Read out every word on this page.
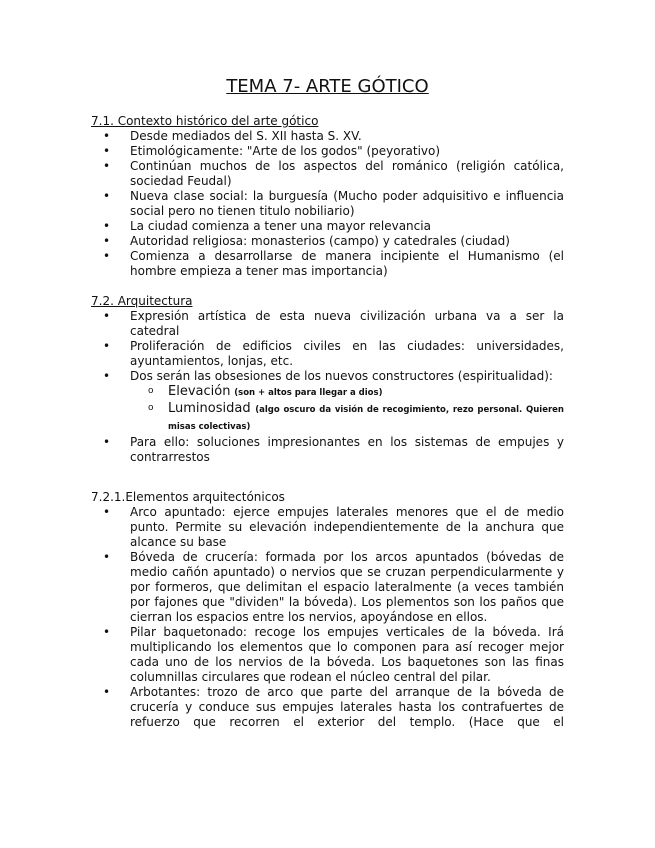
TEMA 7- ARTE GÓTICO
7.1. Contexto histórico del arte gótico
• Desde mediados del S. XII hasta S. XV.
• Etimológicamente: "Arte de los godos" (peyorativo)
• Continúan muchos de los aspectos del románico (religión católica, sociedad Feudal)
• Nueva clase social: la burguesía (Mucho poder adquisitivo e influencia social pero no tienen titulo nobiliario)
• La ciudad comienza a tener una mayor relevancia
• Autoridad religiosa: monasterios (campo) y catedrales (ciudad)
• Comienza a desarrollarse de manera incipiente el Humanismo (el hombre empieza a tener mas importancia)
7.2. Arquitectura
• Expresión artística de esta nueva civilización urbana va a ser la catedral
• Proliferación de edificios civiles en las ciudades: universidades, ayuntamientos, lonjas, etc.
• Dos serán las obsesiones de los nuevos constructores (espiritualidad):
o Elevación (son + altos para llegar a dios)
o Luminosidad (algo oscuro da visión de recogimiento, rezo personal. Quieren misas colectivas)
• Para ello: soluciones impresionantes en los sistemas de empujes y contrarrestos
7.2.1.Elementos arquitectónicos
• Arco apuntado: ejerce empujes laterales menores que el de medio punto. Permite su elevación independientemente de la anchura que alcance su base
• Bóveda de crucería: formada por los arcos apuntados (bóvedas de medio cañón apuntado) o nervios que se cruzan perpendicularmente y por formeros, que delimitan el espacio lateralmente (a veces también por fajones que "dividen" la bóveda). Los plementos son los paños que cierran los espacios entre los nervios, apoyándose en ellos.
• Pilar baquetonado: recoge los empujes verticales de la bóveda. Irá multiplicando los elementos que lo componen para así recoger mejor cada uno de los nervios de la bóveda. Los baquetones son las finas columnillas circulares que rodean el núcleo central del pilar.
• Arbotantes: trozo de arco que parte del arranque de la bóveda de crucería y conduce sus empujes laterales hasta los contrafuertes de refuerzo que recorren el exterior del templo. (Hace que el
